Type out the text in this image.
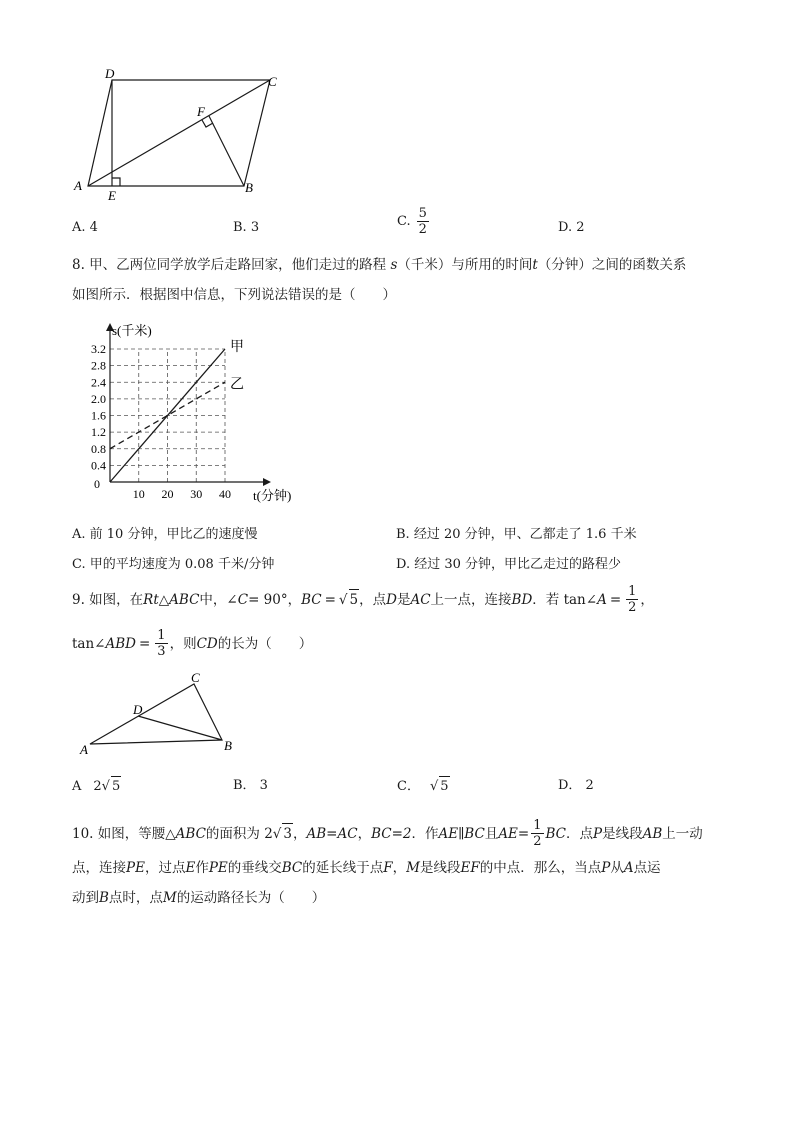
A
D
C
B
E
F
A. 4	B. 3	C. $\frac{5}{2}$	D. 2
8. 甲、乙两位同学放学后走路回家，他们走过的路程 s（千米）与所用的时间t（分钟）之间的函数关系
如图所示．根据图中信息，下列说法错误的是（　　）
3.2
2.8
2.4
2.0
1.6
1.2
0.8
0.4
10 20 30 40
s(千米)
t(分钟)
0
甲
乙
A. 前 10 分钟，甲比乙的速度慢	B. 经过 20 分钟，甲、乙都走了 1.6 千米
C. 甲的平均速度为 0.08 千米/分钟	D. 经过 30 分钟，甲比乙走过的路程少
9. 如图，在 Rt △ ABC 中，∠ C = 90°， BC = √ 5 ，点 D 是 AC 上一点，连接 BD ．若 tan∠ $A = \frac{1}{2}$ ，
tan∠ ABD = $\frac{1}{3}$ ，则 CD 的长为（　　）
A
C
D
B
A 2 √ 5	B． 3	C． √ 5	D． 2
10. 如图，等腰△ ABC 的面积为 2 √ 3 ， AB=AC ， BC=2 ．作 AE∥BC 且 $AE= \frac{1}{2}$ BC ．点 P 是线段 AB 上一动
点，连接PE，过点E作PE的垂线交BC的延长线于点F，M是线段EF的中点．那么，当点P从A点运
动到B点时，点M的运动路径长为（　　）
